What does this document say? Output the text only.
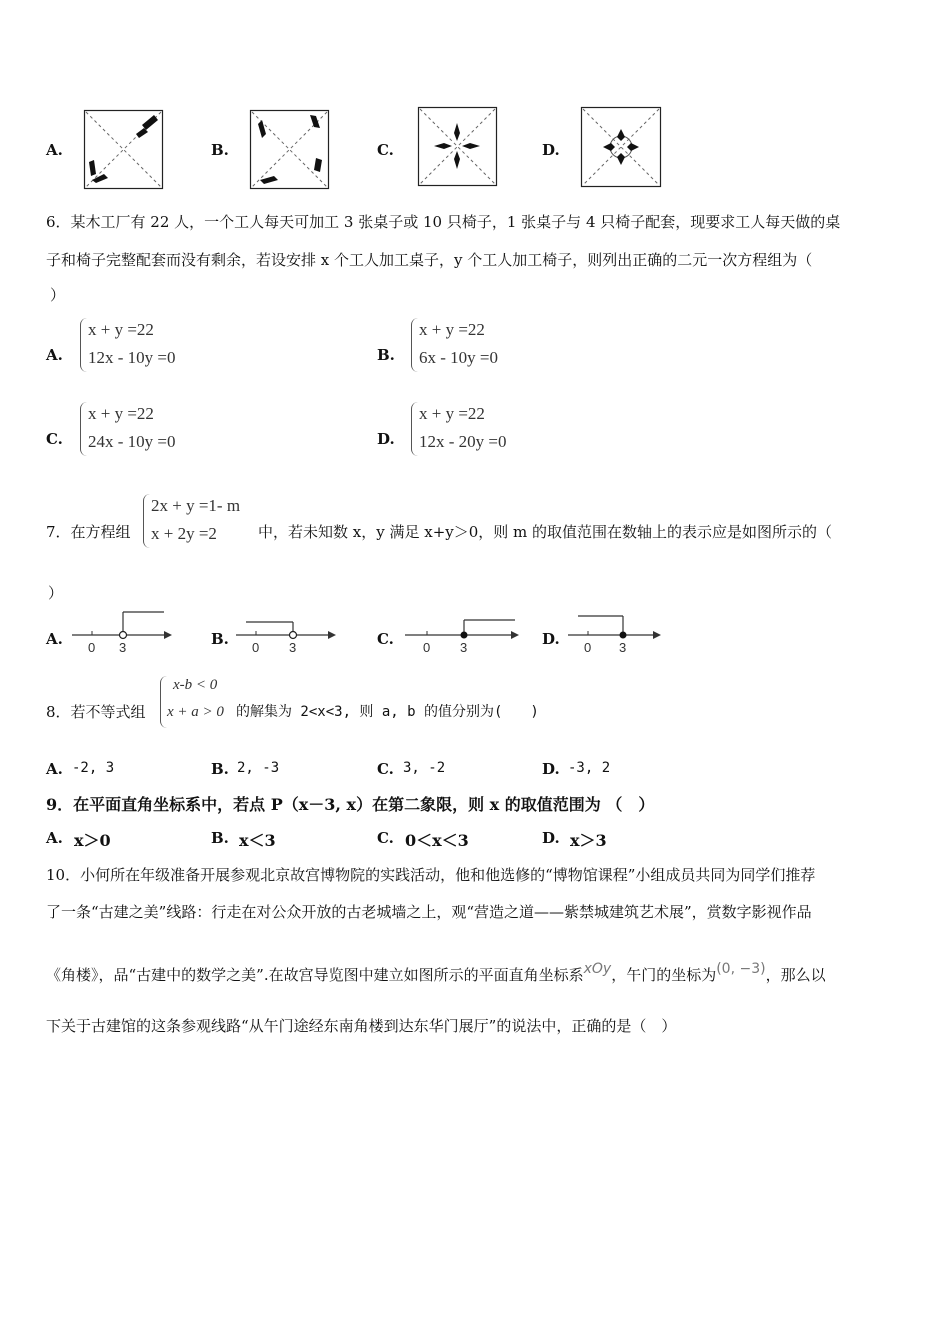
A.	B.	C.	D.
6．某木工厂有 22 人，一个工人每天可加工 3 张桌子或 10 只椅子，1 张桌子与 4 只椅子配套，现要求工人每天做的桌
子和椅子完整配套而没有剩余，若设安排 x 个工人加工桌子，y 个工人加工椅子，则列出正确的二元一次方程组为（
）
A.
x + y =22
12x - 10y =0	B.
x + y =22
6x - 10y =0
C.
x + y =22
24x - 10y =0	D.
x + y =22
12x - 20y =0
7．在方程组
2x + y =1- m
x + 2y =2	中，若未知数 x，y 满足 x+y＞0，则 m 的取值范围在数轴上的表示应是如图所示的（
）
A. 0 3	B. 0 3	C. 0 3	D. 0 3
8．若不等式组
x-b < 0
x + a > 0 的解集为 2<x<3, 则 a, b 的值分别为(　　)
A. -2, 3	B. 2, -3	C. 3, -2	D. -3, 2
9．在平面直角坐标系中，若点 P（x－3, x）在第二象限，则 x 的取值范围为 （　）
A. x＞0	B. x＜3	C. 0＜x＜3	D. x＞3
10．小何所在年级准备开展参观北京故宫博物院的实践活动，他和他选修的“博物馆课程”小组成员共同为同学们推荐
了一条“古建之美”线路：行走在对公众开放的古老城墙之上，观“营造之道——紫禁城建筑艺术展”，赏数字影视作品
《角楼》，品“古建中的数学之美”.在故宫导览图中建立如图所示的平面直角坐标系xOy，午门的坐标为(0, −3)，那么以
下关于古建馆的这条参观线路“从午门途经东南角楼到达东华门展厅”的说法中，正确的是（　）
